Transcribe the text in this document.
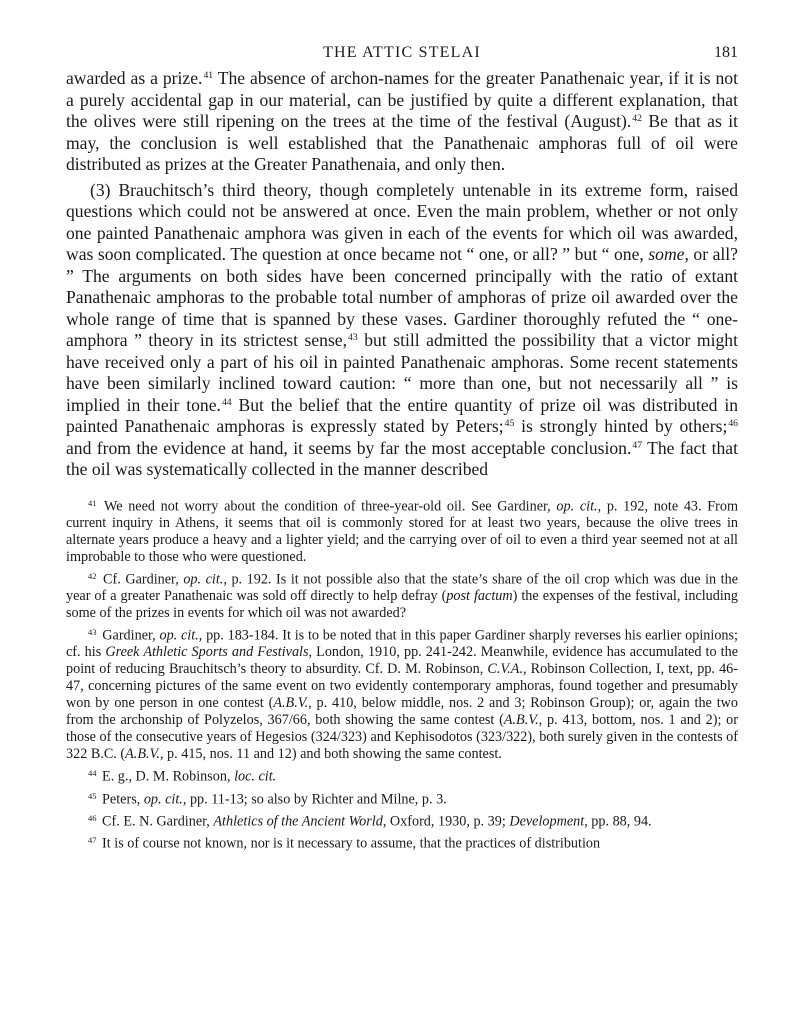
THE ATTIC STELAI	181

awarded as a prize.$^{41}$ The absence of archon-names for the greater Panathenaic year, if it is not a purely accidental gap in our material, can be justified by quite a different explanation, that the olives were still ripening on the trees at the time of the festival (August).$^{42}$ Be that as it may, the conclusion is well established that the Panathenaic amphoras full of oil were distributed as prizes at the Greater Panathenaia, and only then.

(3) Brauchitsch’s third theory, though completely untenable in its extreme form, raised questions which could not be answered at once. Even the main problem, whether or not only one painted Panathenaic amphora was given in each of the events for which oil was awarded, was soon complicated. The question at once became not “ one, or all? ” but “ one, some, or all? ” The arguments on both sides have been concerned principally with the ratio of extant Panathenaic amphoras to the probable total number of amphoras of prize oil awarded over the whole range of time that is spanned by these vases. Gardiner thoroughly refuted the “ one-amphora ” theory in its strictest sense,$^{43}$ but still admitted the possibility that a victor might have received only a part of his oil in painted Panathenaic amphoras. Some recent statements have been similarly inclined toward caution: “ more than one, but not necessarily all ” is implied in their tone.$^{44}$ But the belief that the entire quantity of prize oil was distributed in painted Panathenaic amphoras is expressly stated by Peters;$^{45}$ is strongly hinted by others;$^{46}$ and from the evidence at hand, it seems by far the most acceptable conclusion.$^{47}$ The fact that the oil was systematically collected in the manner described

$^{41}$ We need not worry about the condition of three-year-old oil. See Gardiner, op. cit., p. 192, note 43. From current inquiry in Athens, it seems that oil is commonly stored for at least two years, because the olive trees in alternate years produce a heavy and a lighter yield; and the carrying over of oil to even a third year seemed not at all improbable to those who were questioned.

$^{42}$ Cf. Gardiner, op. cit., p. 192. Is it not possible also that the state’s share of the oil crop which was due in the year of a greater Panathenaic was sold off directly to help defray (post factum) the expenses of the festival, including some of the prizes in events for which oil was not awarded?

$^{43}$ Gardiner, op. cit., pp. 183-184. It is to be noted that in this paper Gardiner sharply reverses his earlier opinions; cf. his Greek Athletic Sports and Festivals, London, 1910, pp. 241-242. Meanwhile, evidence has accumulated to the point of reducing Brauchitsch’s theory to absurdity. Cf. D. M. Robinson, C.V.A., Robinson Collection, I, text, pp. 46-47, concerning pictures of the same event on two evidently contemporary amphoras, found together and presumably won by one person in one contest (A.B.V., p. 410, below middle, nos. 2 and 3; Robinson Group); or, again the two from the archonship of Polyzelos, 367/66, both showing the same contest (A.B.V., p. 413, bottom, nos. 1 and 2); or those of the consecutive years of Hegesios (324/323) and Kephisodotos (323/322), both surely given in the contests of 322 B.C. (A.B.V., p. 415, nos. 11 and 12) and both showing the same contest.

$^{44}$ E. g., D. M. Robinson, loc. cit.

$^{45}$ Peters, op. cit., pp. 11-13; so also by Richter and Milne, p. 3.

$^{46}$ Cf. E. N. Gardiner, Athletics of the Ancient World, Oxford, 1930, p. 39; Development, pp. 88, 94.

$^{47}$ It is of course not known, nor is it necessary to assume, that the practices of distribution
